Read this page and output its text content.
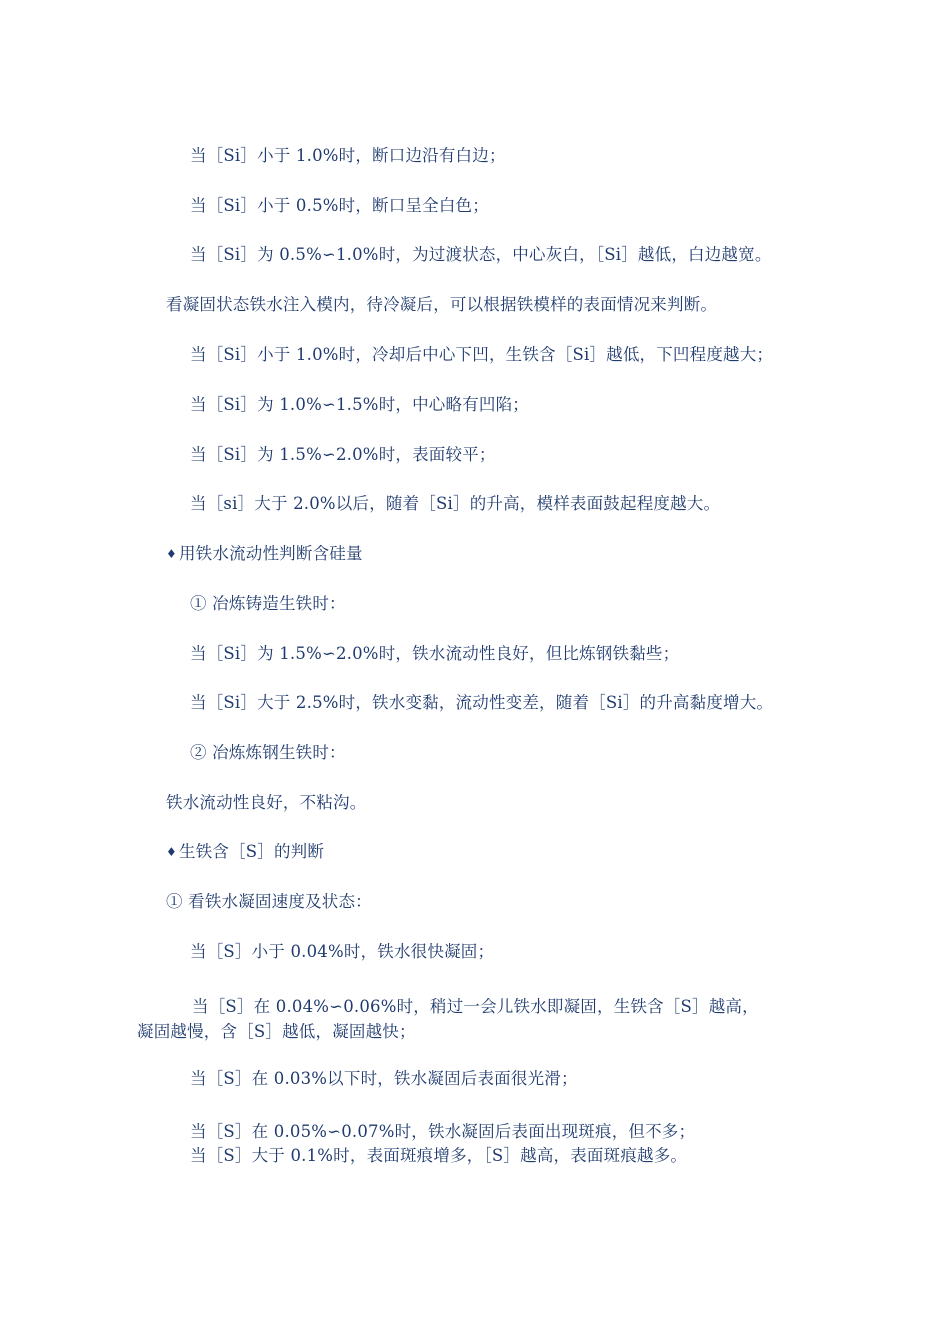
当［Si］小于 1.0%时，断口边沿有白边；
当［Si］小于 0.5%时，断口呈全白色；
当［Si］为 0.5%∽1.0%时，为过渡状态，中心灰白，［Si］越低，白边越宽。
看凝固状态铁水注入模内，待冷凝后，可以根据铁模样的表面情况来判断。
当［Si］小于 1.0%时，冷却后中心下凹，生铁含［Si］越低，下凹程度越大；
当［Si］为 1.0%∽1.5%时，中心略有凹陷；
当［Si］为 1.5%∽2.0%时，表面较平；
当［si］大于 2.0%以后，随着［Si］的升高，模样表面鼓起程度越大。
♦ 用铁水流动性判断含硅量
① 冶炼铸造生铁时：
当［Si］为 1.5%∽2.0%时，铁水流动性良好，但比炼钢铁黏些；
当［Si］大于 2.5%时，铁水变黏，流动性变差，随着［Si］的升高黏度增大。
② 冶炼炼钢生铁时：
铁水流动性良好，不粘沟。
♦ 生铁含［S］的判断
① 看铁水凝固速度及状态：
当［S］小于 0.04%时，铁水很快凝固；
当［S］在 0.04%∽0.06%时，稍过一会儿铁水即凝固，生铁含［S］越高，
凝固越慢，含［S］越低，凝固越快；
当［S］在 0.03%以下时，铁水凝固后表面很光滑；
当［S］在 0.05%∽0.07%时，铁水凝固后表面出现斑痕，但不多；
当［S］大于 0.1%时，表面斑痕增多，［S］越高，表面斑痕越多。
